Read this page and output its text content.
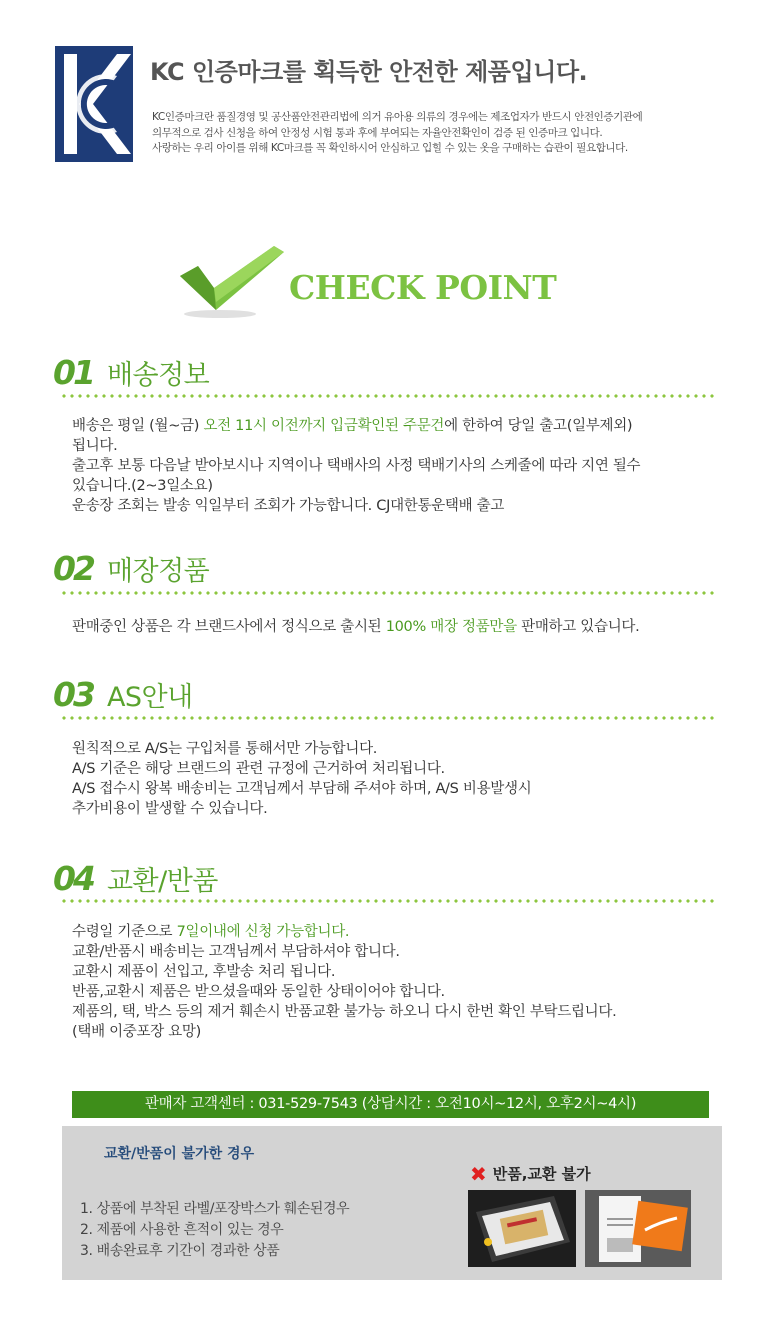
KC 인증마크를 획득한 안전한 제품입니다.
KC인증마크란 품질경영 및 공산품안전관리법에 의거 유아용 의류의 경우에는 제조업자가 반드시 안전인증기관에
의무적으로 검사 신청을 하여 안정성 시험 통과 후에 부여되는 자율안전확인이 검증 된 인증마크 입니다.
사랑하는 우리 아이를 위해 KC마크를 꼭 확인하시어 안심하고 입힐 수 있는 옷을 구매하는 습관이 필요합니다.
CHECK POINT
01 배송정보
배송은 평일 (월~금) 오전 11시 이전까지 입금확인된 주문건에 한하여 당일 출고(일부제외)
됩니다.
출고후 보통 다음날 받아보시나 지역이나 택배사의 사정 택배기사의 스케줄에 따라 지연 될수
있습니다.(2~3일소요)
운송장 조회는 발송 익일부터 조회가 가능합니다. CJ대한통운택배 출고
02 매장정품
판매중인 상품은 각 브랜드사에서 정식으로 출시된 100% 매장 정품만을 판매하고 있습니다.
03 AS안내
원칙적으로 A/S는 구입처를 통해서만 가능합니다.
A/S 기준은 해당 브랜드의 관련 규정에 근거하여 처리됩니다.
A/S 접수시 왕복 배송비는 고객님께서 부담해 주셔야 하며, A/S 비용발생시
추가비용이 발생할 수 있습니다.
04 교환/반품
수령일 기준으로 7일이내에 신청 가능합니다.
교환/반품시 배송비는 고객님께서 부담하셔야 합니다.
교환시 제품이 선입고, 후발송 처리 됩니다.
반품,교환시 제품은 받으셨을때와 동일한 상태이어야 합니다.
제품의, 택, 박스 등의 제거 훼손시 반품교환 불가능 하오니 다시 한번 확인 부탁드립니다.
(택배 이중포장 요망)
판매자 고객센터 : 031-529-7543 (상담시간 : 오전10시~12시, 오후2시~4시)
교환/반품이 불가한 경우
1. 상품에 부착된 라벨/포장박스가 훼손된경우
2. 제품에 사용한 흔적이 있는 경우
3. 배송완료후 기간이 경과한 상품
✖ 반품,교환 불가
